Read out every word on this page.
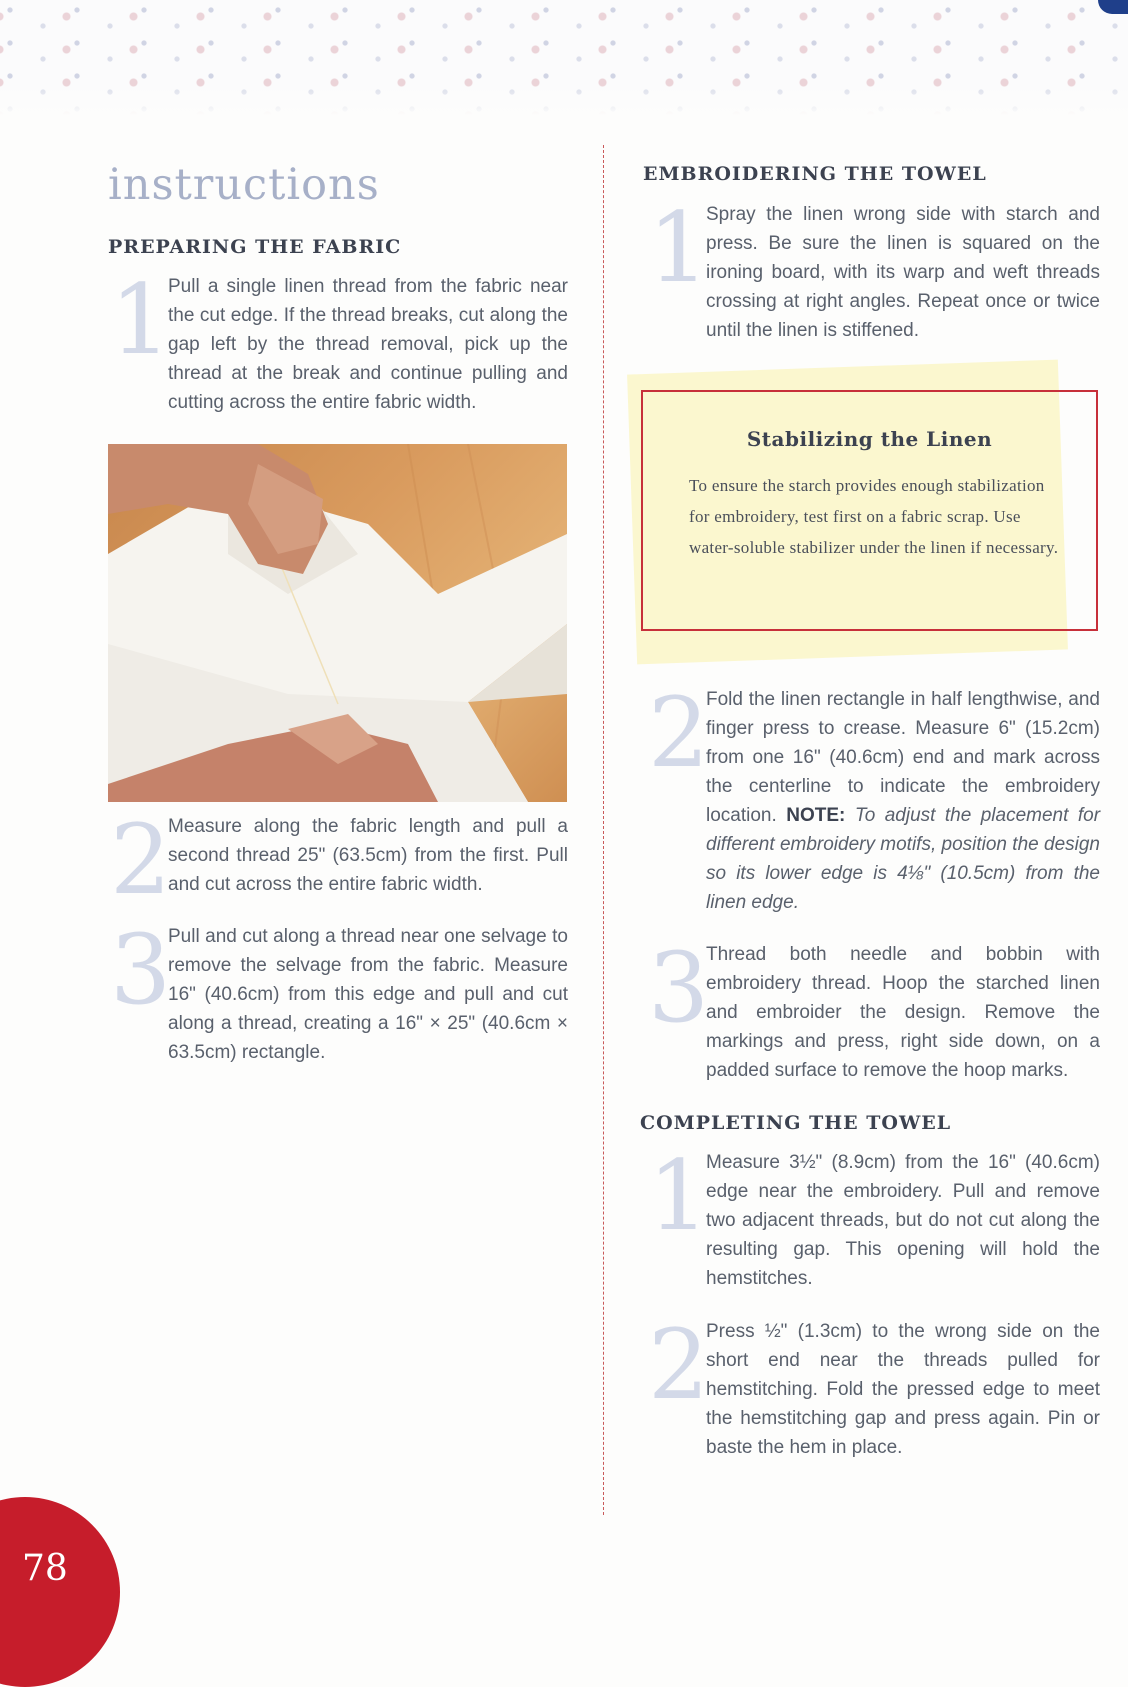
instructions
PREPARING THE FABRIC
1

Pull a single linen thread from the fabric near the cut edge. If the thread breaks, cut along the gap left by the thread removal, pick up the thread at the break and continue pulling and cutting across the entire fabric width.

2

Measure along the fabric length and pull a second thread 25" (63.5cm) from the first. Pull and cut across the entire fabric width.

3

Pull and cut along a thread near one selvage to remove the selvage from the fabric. Measure 16" (40.6cm) from this edge and pull and cut along a thread, creating a 16" × 25" (40.6cm × 63.5cm) rectangle.

EMBROIDERING THE TOWEL
1

Spray the linen wrong side with starch and press. Be sure the linen is squared on the ironing board, with its warp and weft threads crossing at right angles. Repeat once or twice until the linen is stiffened.

Stabilizing the Linen

To ensure the starch provides enough stabilization for embroidery, test first on a fabric scrap. Use water-soluble stabilizer under the linen if necessary.

2

Fold the linen rectangle in half lengthwise, and finger press to crease. Measure 6" (15.2cm) from one 16" (40.6cm) end and mark across the centerline to indicate the embroidery location. NOTE: To adjust the placement for different embroidery motifs, position the design so its lower edge is 4⅛" (10.5cm) from the linen edge.

3

Thread both needle and bobbin with embroidery thread. Hoop the starched linen and embroider the design. Remove the markings and press, right side down, on a padded surface to remove the hoop marks.

COMPLETING THE TOWEL
1

Measure 3½" (8.9cm) from the 16" (40.6cm) edge near the embroidery. Pull and remove two adjacent threads, but do not cut along the resulting gap. This opening will hold the hemstitches.

2

Press ½" (1.3cm) to the wrong side on the short end near the threads pulled for hemstitching. Fold the pressed edge to meet the hemstitching gap and press again. Pin or baste the hem in place.

78
